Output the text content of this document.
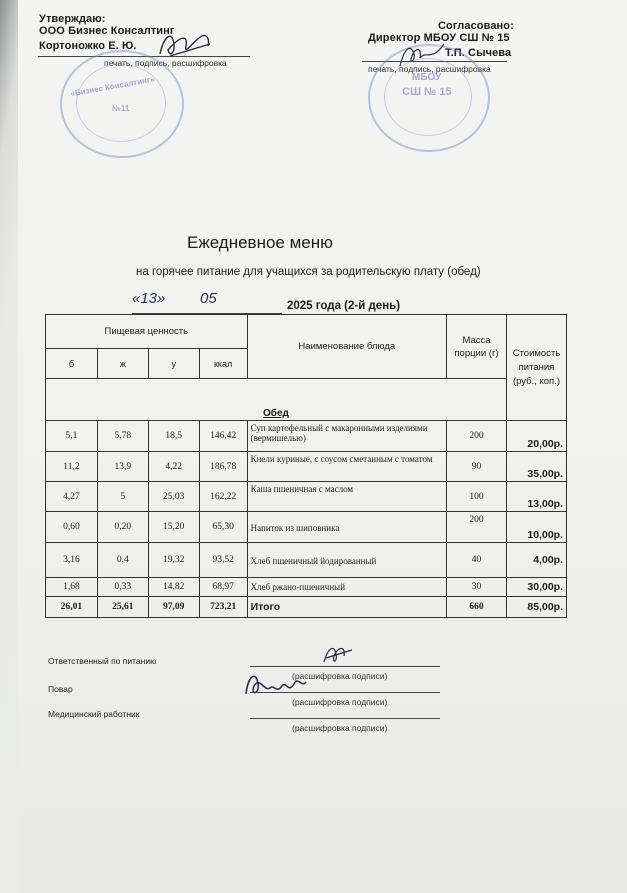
Утверждаю:
ООО Бизнес Консалтинг
Кортоножко Е. Ю.
печать, подпись, расшифровка
«Бизнес Консалтинг»
№11
Согласовано:
Директор МБОУ СШ № 15
Т.П. Сычева
печать, подпись, расшифровка
МБОУ
СШ № 15
Ежедневное меню
на горячее питание для учащихся за родительскую плату (обед)
«13» 05	2025 года (2-й день)
Пищевая ценность				Наименование блюда	Масса порции (г)	Стоимость питания (руб., коп.)
б	ж	у	ккал			
Обед						
5,1	5,78	18,5	146,42	Суп картофельный с макаронными изделиями (вермишелью)	200	20,00р.
11,2	13,9	4,22	186,78	Кнели куриные, с соусом сметанным с томатом	90	35,00р.
4,27	5	25,03	162,22	Каша пшеничная с маслом	100	13,00р.
0,60	0,20	15,20	65,30	Напиток из шиповника	200	10,00р.
3,16	0,4	19,32	93,52	Хлеб пшеничный йодированный	40	4,00р.
1,68	0,33	14,82	68,97	Хлеб ржано-пшеничный	30	30,00р.
26,01	25,61	97,09	723,21	Итого	660	85,00р.
Ответственный по питанию
(расшифровка подписи)
Повар
(расшифровка подписи)
Медицинский работник
(расшифровка подписи)
